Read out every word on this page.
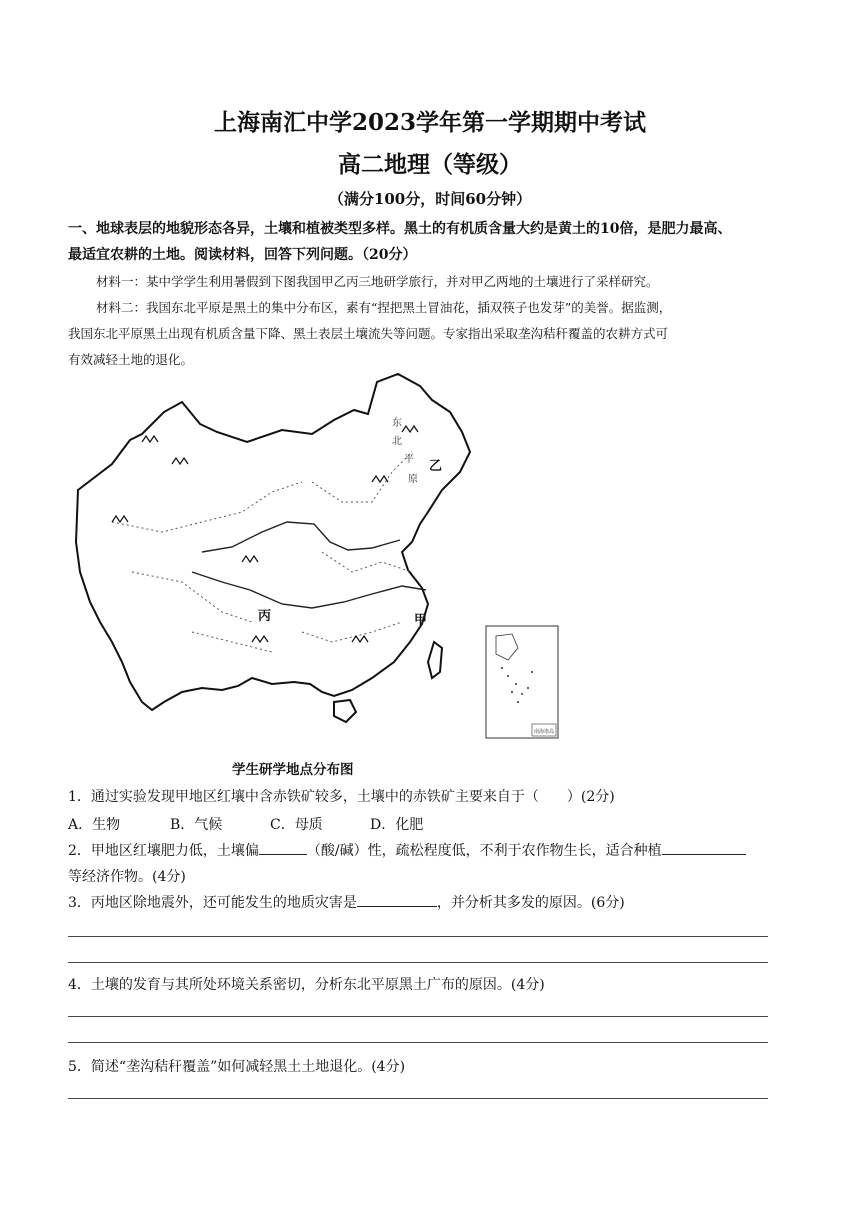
上海南汇中学2023学年第一学期期中考试
高二地理（等级）
（满分100分，时间60分钟）
一、地球表层的地貌形态各异，土壤和植被类型多样。黑土的有机质含量大约是黄土的10倍，是肥力最高、
最适宜农耕的土地。阅读材料，回答下列问题。（20分）
材料一：某中学学生利用暑假到下图我国甲乙丙三地研学旅行，并对甲乙两地的土壤进行了采样研究。
材料二：我国东北平原是黑土的集中分布区，素有“捏把黑土冒油花，插双筷子也发芽”的美誉。据监测，
我国东北平原黑土出现有机质含量下降、黑土表层土壤流失等问题。专家指出采取垄沟秸秆覆盖的农耕方式可
有效减轻土地的退化。
丙	甲
乙
东
北
平
原
南海诸岛
学生研学地点分布图
1．通过实验发现甲地区红壤中含赤铁矿较多，土壤中的赤铁矿主要来自于（　　）(2分)
A．生物	B．气候	C．母质	D．化肥
2．甲地区红壤肥力低，土壤偏	（酸/碱）性，疏松程度低，不利于农作物生长，适合种植
等经济作物。(4分)
3．丙地区除地震外，还可能发生的地质灾害是	，并分析其多发的原因。(6分)
4．土壤的发育与其所处环境关系密切，分析东北平原黑土广布的原因。(4分)
5．简述“垄沟秸秆覆盖”如何减轻黑土土地退化。(4分)
